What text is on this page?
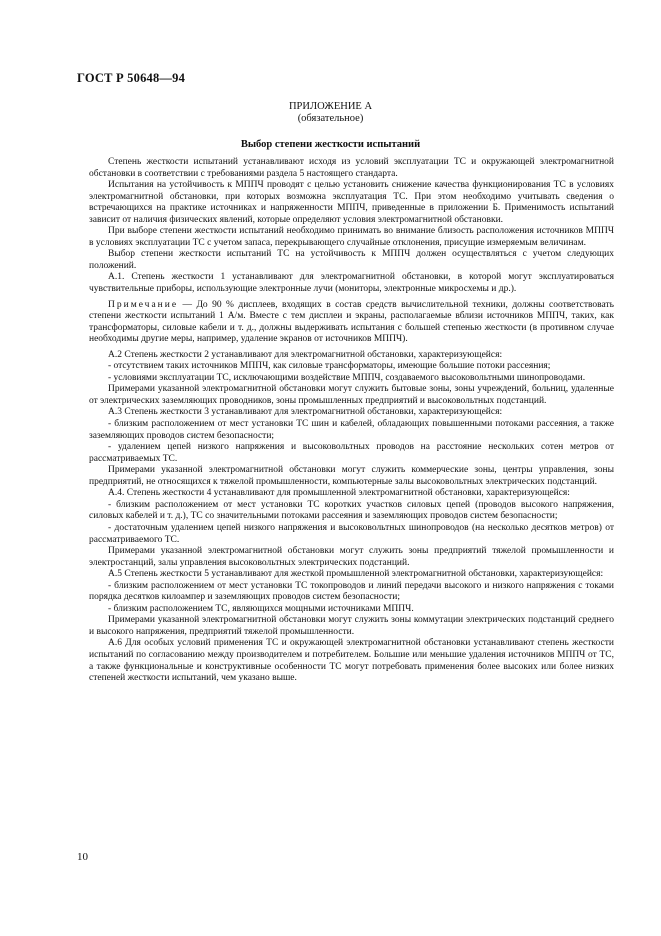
ГОСТ Р 50648—94
ПРИЛОЖЕНИЕ А
(обязательное)
Выбор степени жесткости испытаний

Степень жесткости испытаний устанавливают исходя из условий эксплуатации ТС и окружающей электромагнитной обстановки в соответствии с требованиями раздела 5 настоящего стандарта.

Испытания на устойчивость к МППЧ проводят с целью установить снижение качества функционирования ТС в условиях электромагнитной обстановки, при которых возможна эксплуатация ТС. При этом необходимо учитывать сведения о встречающихся на практике источниках и напряженности МППЧ, приведенные в приложении Б. Применимость испытаний зависит от наличия физических явлений, которые определяют условия электромагнитной обстановки.

При выборе степени жесткости испытаний необходимо принимать во внимание близость расположения источников МППЧ в условиях эксплуатации ТС с учетом запаса, перекрывающего случайные отклонения, присущие измеряемым величинам.

Выбор степени жесткости испытаний ТС на устойчивость к МППЧ должен осуществляться с учетом следующих положений.

А.1. Степень жесткости 1 устанавливают для электромагнитной обстановки, в которой могут эксплуатироваться чувствительные приборы, использующие электронные лучи (мониторы, электронные микросхемы и др.).

Примечание — До 90 % дисплеев, входящих в состав средств вычислительной техники, должны соответствовать степени жесткости испытаний 1 А/м. Вместе с тем дисплеи и экраны, располагаемые вблизи источников МППЧ, таких, как трансформаторы, силовые кабели и т. д., должны выдерживать испытания с большей степенью жесткости (в противном случае необходимы другие меры, например, удаление экранов от источников МППЧ).

А.2 Степень жесткости 2 устанавливают для электромагнитной обстановки, характеризующейся:

- отсутствием таких источников МППЧ, как силовые трансформаторы, имеющие большие потоки рассеяния;

- условиями эксплуатации ТС, исключающими воздействие МППЧ, создаваемого высоковольтными шинопроводами.

Примерами указанной электромагнитной обстановки могут служить бытовые зоны, зоны учреждений, больниц, удаленные от электрических заземляющих проводников, зоны промышленных предприятий и высоковольтных подстанций.

А.3 Степень жесткости 3 устанавливают для электромагнитной обстановки, характеризующейся:

- близким расположением от мест установки ТС шин и кабелей, обладающих повышенными потоками рассеяния, а также заземляющих проводов систем безопасности;

- удалением цепей низкого напряжения и высоковольтных проводов на расстояние нескольких сотен метров от рассматриваемых ТС.

Примерами указанной электромагнитной обстановки могут служить коммерческие зоны, центры управления, зоны предприятий, не относящихся к тяжелой промышленности, компьютерные залы высоковольтных электрических подстанций.

А.4. Степень жесткости 4 устанавливают для промышленной электромагнитной обстановки, характеризующейся:

- близким расположением от мест установки ТС коротких участков силовых цепей (проводов высокого напряжения, силовых кабелей и т. д.), ТС со значительными потоками рассеяния и заземляющих проводов систем безопасности;

- достаточным удалением цепей низкого напряжения и высоковольтных шинопроводов (на несколько десятков метров) от рассматриваемого ТС.

Примерами указанной электромагнитной обстановки могут служить зоны предприятий тяжелой промышленности и электростанций, залы управления высоковольтных электрических подстанций.

А.5 Степень жесткости 5 устанавливают для жесткой промышленной электромагнитной обстановки, характеризующейся:

- близким расположением от мест установки ТС токопроводов и линий передачи высокого и низкого напряжения с токами порядка десятков килоампер и заземляющих проводов систем безопасности;

- близким расположением ТС, являющихся мощными источниками МППЧ.

Примерами указанной электромагнитной обстановки могут служить зоны коммутации электрических подстанций среднего и высокого напряжения, предприятий тяжелой промышленности.

А.6 Для особых условий применения ТС и окружающей электромагнитной обстановки устанавливают степень жесткости испытаний по согласованию между производителем и потребителем. Большие или меньшие удаления источников МППЧ от ТС, а также функциональные и конструктивные особенности ТС могут потребовать применения более высоких или более низких степеней жесткости испытаний, чем указано выше.

10
